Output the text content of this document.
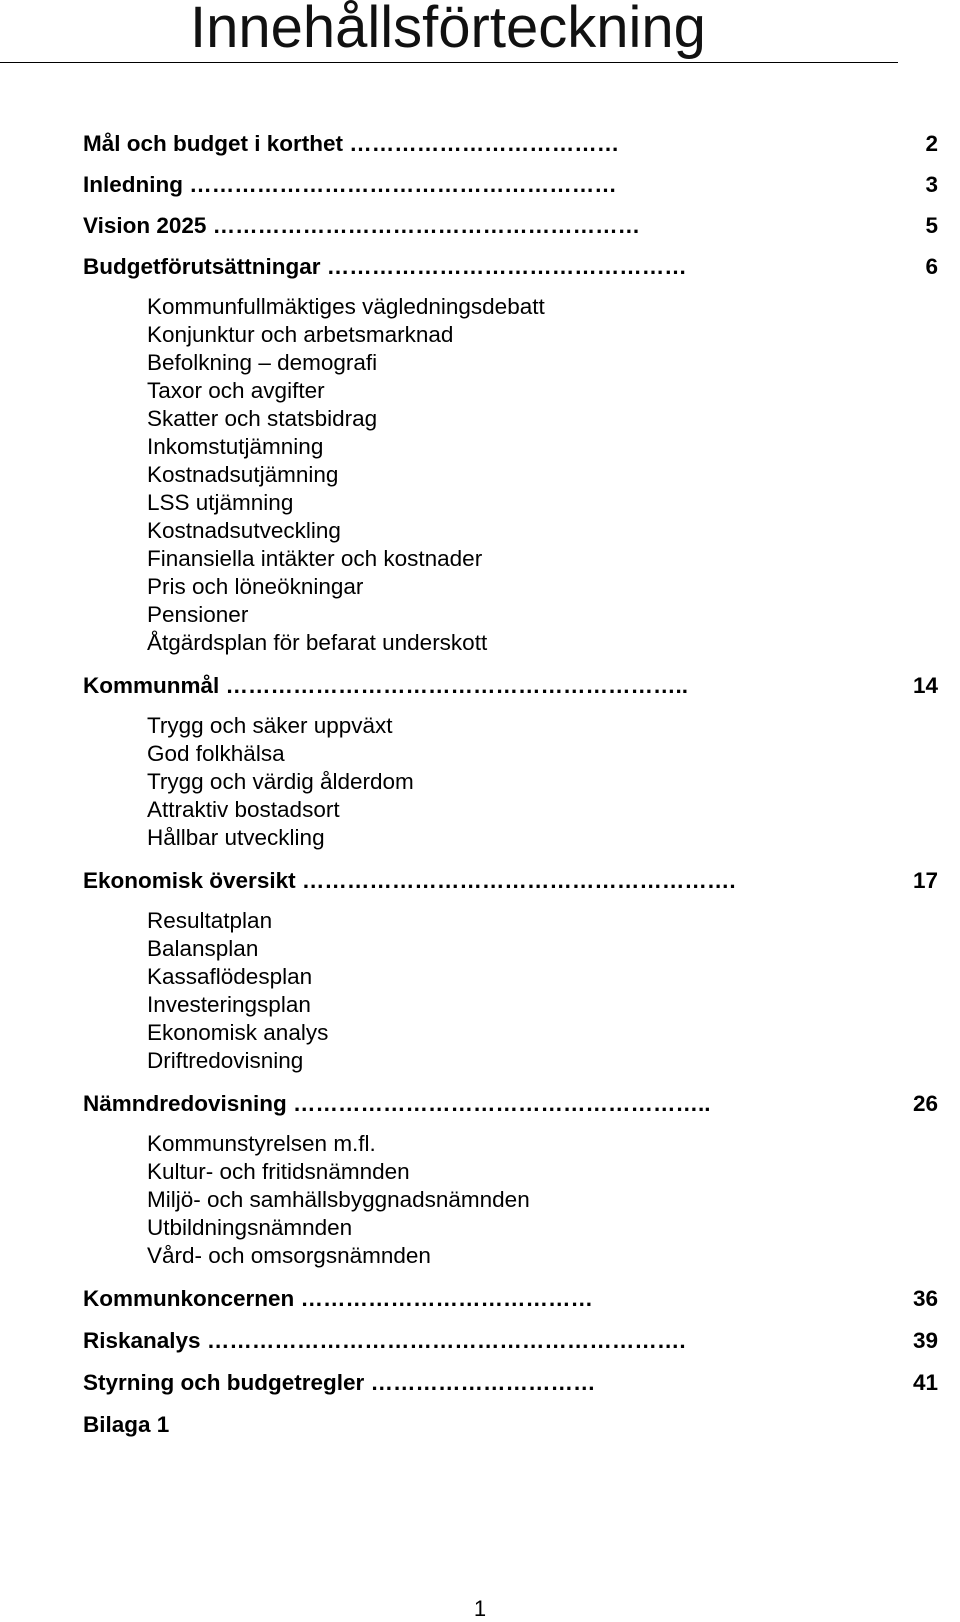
Innehållsförteckning
Mål och budget i korthet ………………………………	2
Inledning …………………………………………………	3
Vision 2025 …………………………………………………	5
Budgetförutsättningar …………………………………………	6
Kommunfullmäktiges vägledningsdebatt
Konjunktur och arbetsmarknad
Befolkning – demografi
Taxor och avgifter
Skatter och statsbidrag
Inkomstutjämning
Kostnadsutjämning
LSS utjämning
Kostnadsutveckling
Finansiella intäkter och kostnader
Pris och löneökningar
Pensioner
Åtgärdsplan för befarat underskott
Kommunmål ……………………………………………………..	14
Trygg och säker uppväxt
God folkhälsa
Trygg och värdig ålderdom
Attraktiv bostadsort
Hållbar utveckling
Ekonomisk översikt ………………………………………………….	17
Resultatplan
Balansplan
Kassaflödesplan
Investeringsplan
Ekonomisk analys
Driftredovisning
Nämndredovisning ………………………………………………..	26
Kommunstyrelsen m.fl.
Kultur- och fritidsnämnden
Miljö- och samhällsbyggnadsnämnden
Utbildningsnämnden
Vård- och omsorgsnämnden
Kommunkoncernen …………………………………	36
Riskanalys ……………………………………………………….	39
Styrning och budgetregler …………………………	41
Bilaga 1
1
